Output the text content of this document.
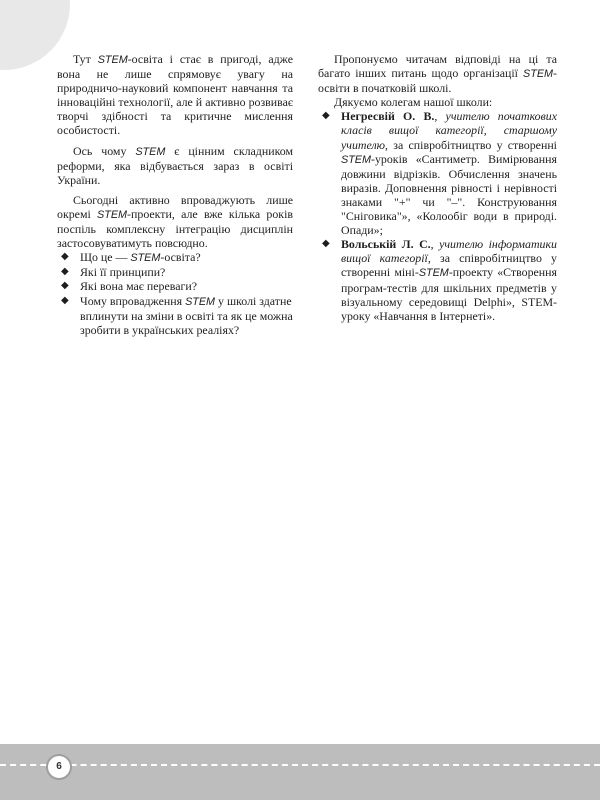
Тут STEM-освіта і стає в пригоді, адже вона не лише спрямовує увагу на природничо-науковий компонент навчання та інноваційні технології, але й активно розвиває творчі здібності та критичне мислення особистості.

Ось чому STEM є цінним складником реформи, яка відбувається зараз в освіті України.

Сьогодні активно впроваджують лише окремі STEM-проекти, але вже кілька років поспіль комплексну інтеграцію дисциплін застосовуватимуть повсюдно.

◆ Що це — STEM-освіта?
◆ Які її принципи?
◆ Які вона має переваги?
◆ Чому впровадження STEM у школі здатне вплинути на зміни в освіті та як це можна зробити в українських реаліях?

Пропонуємо читачам відповіді на ці та багато інших питань щодо організації STEM-освіти в початковій школі.

Дякуємо колегам нашої школи:

◆ Негресвій О. В., учителю початкових класів вищої категорії, старшому учителю, за співробітництво у створенні STEM-уроків «Сантиметр. Вимірювання довжини відрізків. Обчислення значень виразів. Доповнення рівності і нерівності знаками "+" чи "–". Конструювання "Сніговика"», «Колообіг води в природі. Опади»;
◆ Вольській Л. С., учителю інформатики вищої категорії, за співробітництво у створенні міні-STEM-проекту «Створення програм-тестів для шкільних предметів у візуальному середовищі Delphi», STEM-уроку «Навчання в Інтернеті».
6
